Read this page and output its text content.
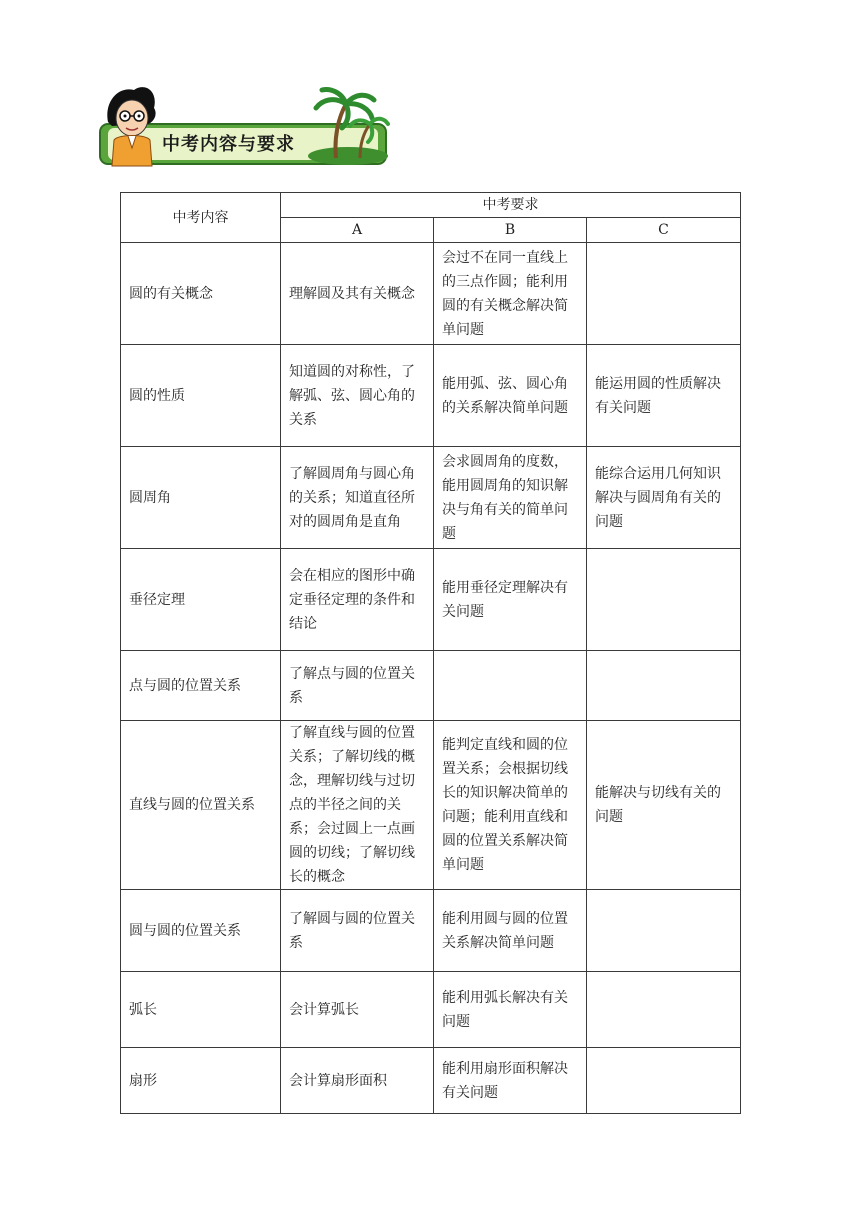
中考内容与要求
中考内容	中考要求		
	A	B	C
圆的有关概念	理解圆及其有关概念	会过不在同一直线上的三点作圆；能利用圆的有关概念解决简单问题	
圆的性质	知道圆的对称性，了解弧、弦、圆心角的关系	能用弧、弦、圆心角的关系解决简单问题	能运用圆的性质解决有关问题
圆周角	了解圆周角与圆心角的关系；知道直径所对的圆周角是直角	会求圆周角的度数，能用圆周角的知识解决与角有关的简单问题	能综合运用几何知识解决与圆周角有关的问题
垂径定理	会在相应的图形中确定垂径定理的条件和结论	能用垂径定理解决有关问题	
点与圆的位置关系	了解点与圆的位置关系		
直线与圆的位置关系	了解直线与圆的位置关系；了解切线的概念，理解切线与过切点的半径之间的关系；会过圆上一点画圆的切线；了解切线长的概念	能判定直线和圆的位置关系；会根据切线长的知识解决简单的问题；能利用直线和圆的位置关系解决简单问题	能解决与切线有关的问题
圆与圆的位置关系	了解圆与圆的位置关系	能利用圆与圆的位置关系解决简单问题	
弧长	会计算弧长	能利用弧长解决有关问题	
扇形	会计算扇形面积	能利用扇形面积解决有关问题	
